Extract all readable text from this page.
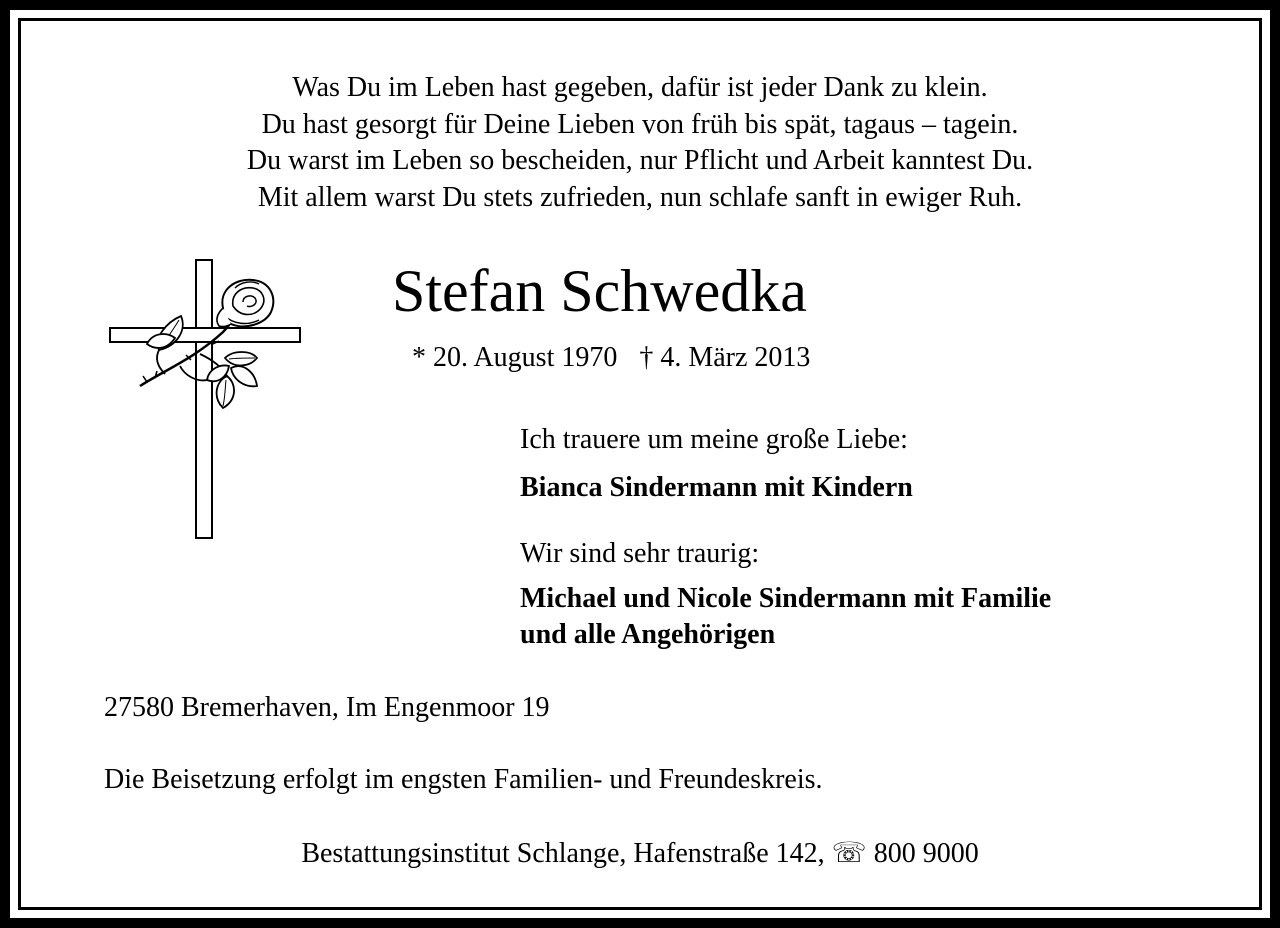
Was Du im Leben hast gegeben, dafür ist jeder Dank zu klein.
Du hast gesorgt für Deine Lieben von früh bis spät, tagaus – tagein.
Du warst im Leben so bescheiden, nur Pflicht und Arbeit kanntest Du.
Mit allem warst Du stets zufrieden, nun schlafe sanft in ewiger Ruh.
Stefan Schwedka
* 20. August 1970 † 4. März 2013
Ich trauere um meine große Liebe:
Bianca Sindermann mit Kindern
Wir sind sehr traurig:
Michael und Nicole Sindermann mit Familie
und alle Angehörigen
27580 Bremerhaven, Im Engenmoor 19
Die Beisetzung erfolgt im engsten Familien- und Freundeskreis.
Bestattungsinstitut Schlange, Hafenstraße 142, ☏ 800 9000
